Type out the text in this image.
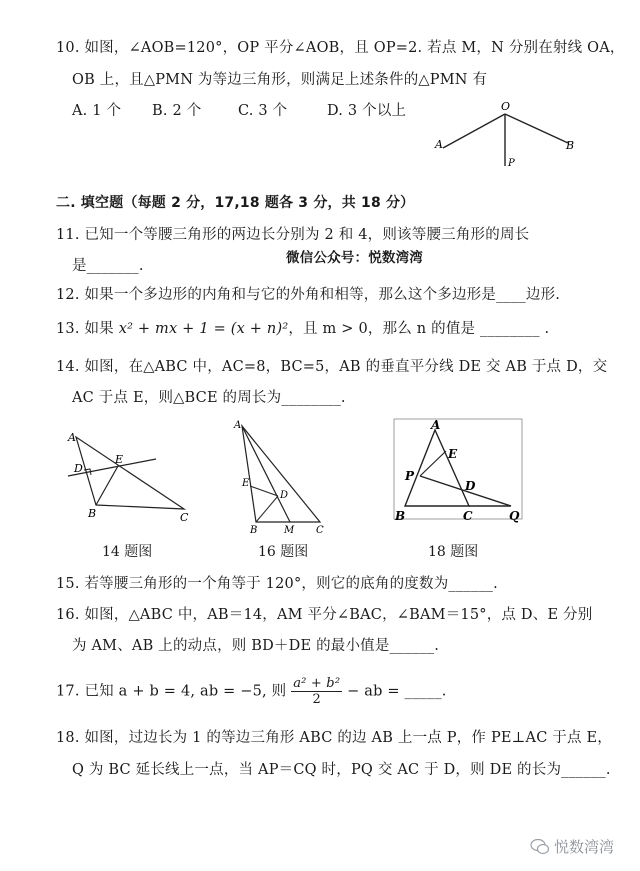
10. 如图，∠AOB=120°，OP 平分∠AOB，且 OP=2. 若点 M，N 分别在射线 OA，
OB 上，且△PMN 为等边三角形，则满足上述条件的△PMN 有
A. 1 个 B. 2 个	C. 3 个	D. 3 个以上	O
A	B
P
二. 填空题（每题 2 分，17,18 题各 3 分，共 18 分）
11. 已知一个等腰三角形的两边长分别为 2 和 4，则该等腰三角形的周长
是_______.	微信公众号：悦数湾湾
12. 如果一个多边形的内角和与它的外角和相等，那么这个多边形是____边形.
13. 如果 x² + mx + 1 = (x + n)²，且 m > 0，那么 n 的值是 ________ .
14. 如图，在△ABC 中，AC=8，BC=5，AB 的垂直平分线 DE 交 AB 于点 D，交
AC 于点 E，则△BCE 的周长为________.
A
D
E
B	C
A
E
D
B	M C
A
E
P
D
B	C	Q
14 题图	16 题图	18 题图
15. 若等腰三角形的一个角等于 120°，则它的底角的度数为______.
16. 如图，△ABC 中，AB＝14，AM 平分∠BAC，∠BAM＝15°，点 D、E 分别
为 AM、AB 上的动点，则 BD＋DE 的最小值是______.
17. 已知 a + b = 4, ab = −5, 则 $\frac{\text{a² + b²}}{2}$ − ab = _____.
18. 如图，过边长为 1 的等边三角形 ABC 的边 AB 上一点 P，作 PE⊥AC 于点 E，
Q 为 BC 延长线上一点，当 AP＝CQ 时，PQ 交 AC 于 D，则 DE 的长为______.
悦数湾湾
